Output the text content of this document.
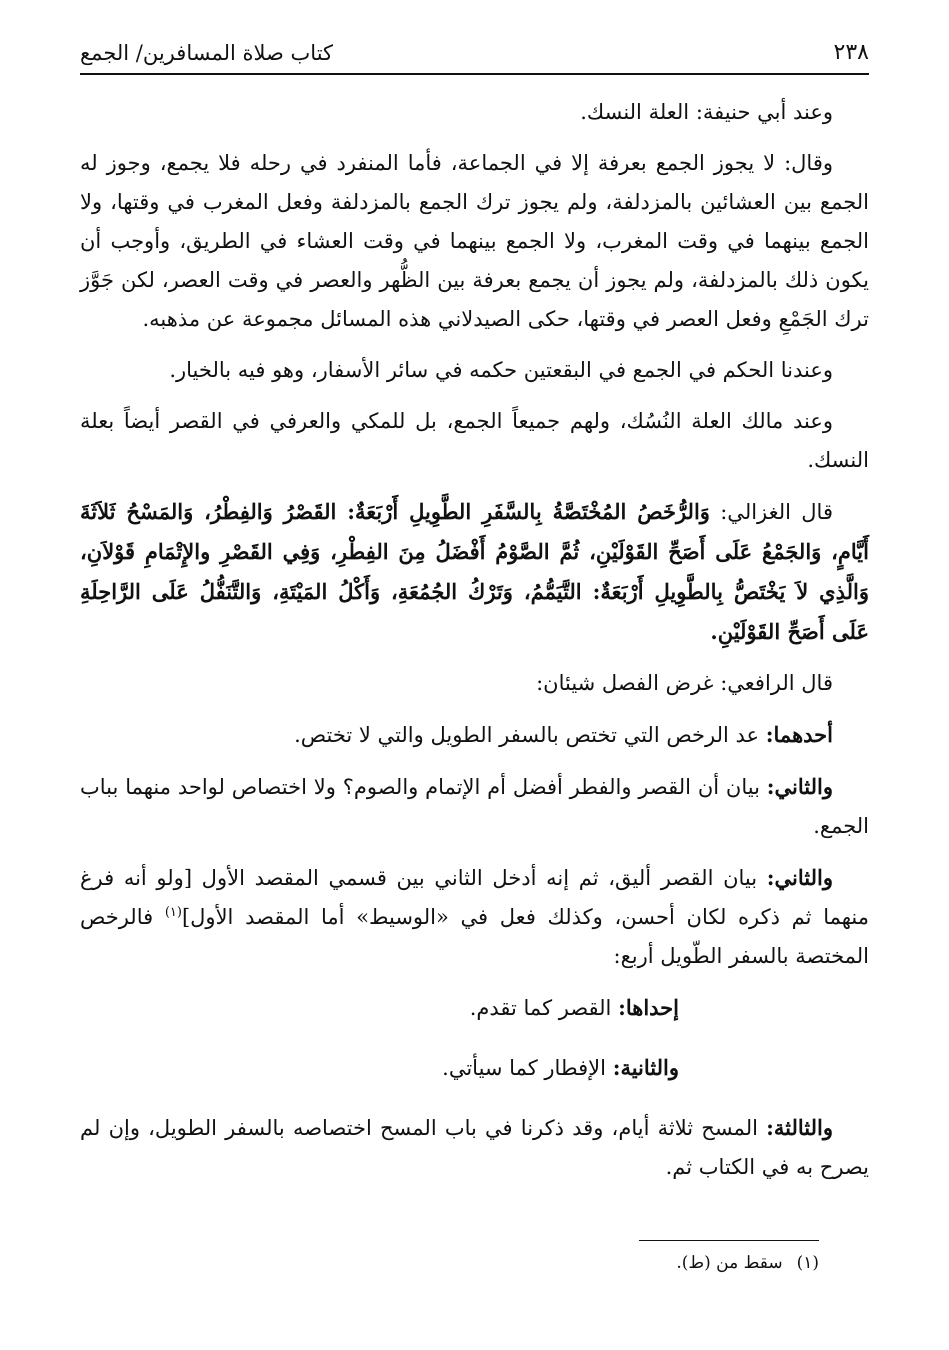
٢٣٨
كتاب صلاة المسافرين/ الجمع

وعند أبي حنيفة: العلة النسك.

وقال: لا يجوز الجمع بعرفة إلا في الجماعة، فأما المنفرد في رحله فلا يجمع، وجوز له الجمع بين العشائين بالمزدلفة، ولم يجوز ترك الجمع بالمزدلفة وفعل المغرب في وقتها، ولا الجمع بينهما في وقت المغرب، ولا الجمع بينهما في وقت العشاء في الطريق، وأوجب أن يكون ذلك بالمزدلفة، ولم يجوز أن يجمع بعرفة بين الظُّهر والعصر في وقت العصر، لكن جَوَّز ترك الجَمْعِ وفعل العصر في وقتها، حكى الصيدلاني هذه المسائل مجموعة عن مذهبه.

وعندنا الحكم في الجمع في البقعتين حكمه في سائر الأسفار، وهو فيه بالخيار.

وعند مالك العلة النُسُك، ولهم جميعاً الجمع، بل للمكي والعرفي في القصر أيضاً بعلة النسك.

قال الغزالي: وَالرُّخَصُ المُخْتَصَّةُ بِالسَّفَرِ الطَّوِيلِ أَرْبَعَةٌ: القَصْرُ وَالفِطْرُ، وَالمَسْحُ ثَلاَثَةَ أَيَّامٍ، وَالجَمْعُ عَلَى أَصَحِّ القَوْلَيْنِ، ثُمَّ الصَّوْمُ أَفْضَلُ مِنَ الفِطْرِ، وَفِي القَصْرِ والإِتْمَامِ قَوْلاَنِ، وَالَّذِي لاَ يَخْتَصُّ بِالطَّوِيلِ أَرْبَعَةٌ: التَّيَمُّمُ، وَتَرْكُ الجُمُعَةِ، وَأَكْلُ المَيْتَةِ، وَالتَّنَفُّلُ عَلَى الرَّاحِلَةِ عَلَى أَصَحِّ القَوْلَيْنِ.

قال الرافعي: غرض الفصل شيئان:

أحدهما: عد الرخص التي تختص بالسفر الطويل والتي لا تختص.

والثاني: بيان أن القصر والفطر أفضل أم الإتمام والصوم؟ ولا اختصاص لواحد منهما بباب الجمع.

والثاني: بيان القصر أليق، ثم إنه أدخل الثاني بين قسمي المقصد الأول [ولو أنه فرغ منهما ثم ذكره لكان أحسن، وكذلك فعل في «الوسيط» أما المقصد الأول]$^{(١)}$ فالرخص المختصة بالسفر الطّويل أربع:

إحداها: القصر كما تقدم.

والثانية: الإفطار كما سيأتي.

والثالثة: المسح ثلاثة أيام، وقد ذكرنا في باب المسح اختصاصه بالسفر الطويل، وإن لم يصرح به في الكتاب ثم.

(١)سقط من (ط).
